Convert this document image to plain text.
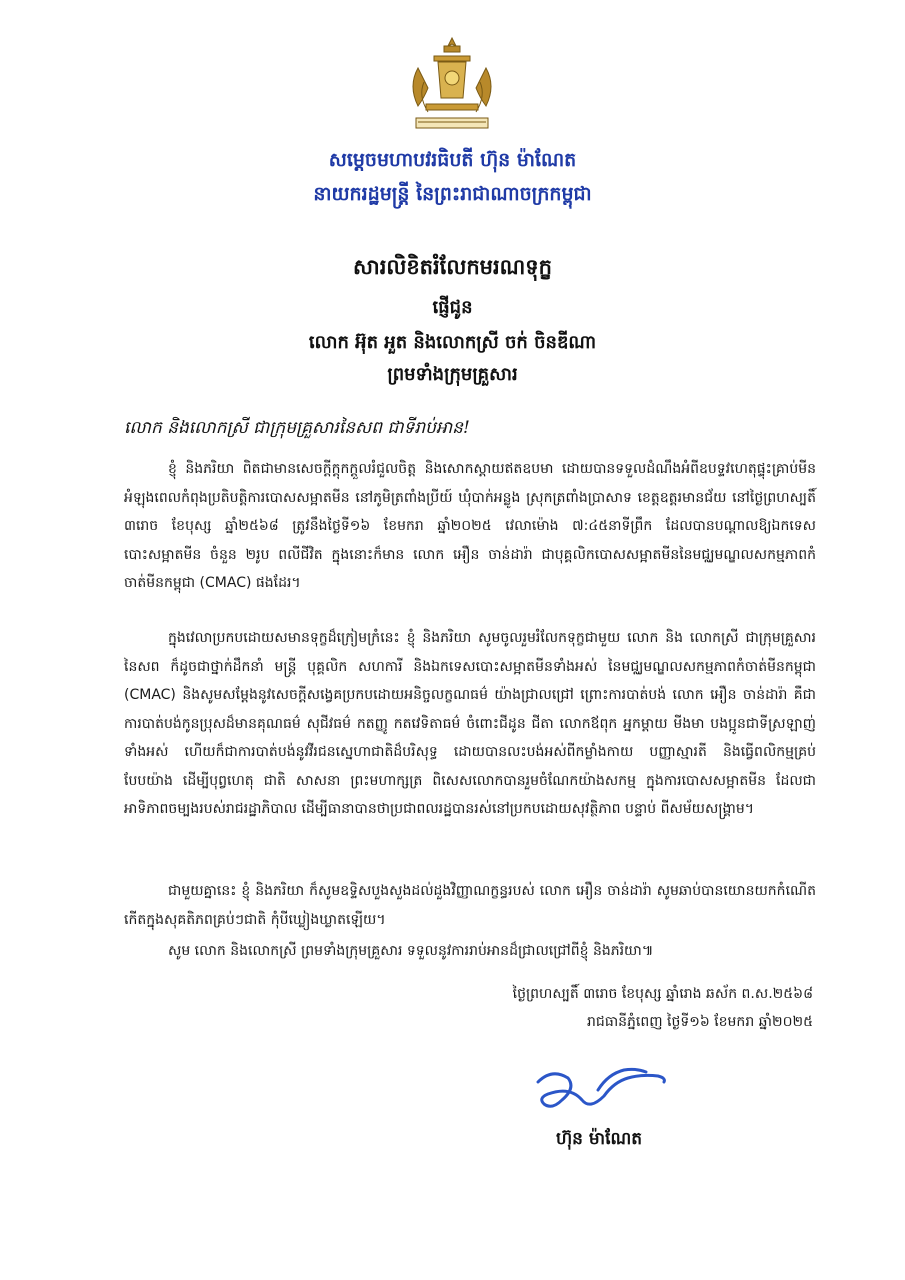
សម្តេចមហាបវរធិបតី ហ៊ុន ម៉ាណែត
នាយករដ្ឋមន្ត្រី នៃព្រះរាជាណាចក្រកម្ពុជា
សារលិខិតរំលែកមរណទុក្ខ
ផ្ញើជូន
លោក អ៊ុត អួត និងលោកស្រី ចក់ ចិនឌីណា
ព្រមទាំងក្រុមគ្រួសារ
លោក និងលោកស្រី ជាក្រុមគ្រួសារនៃសព ជាទីរាប់អាន!
ខ្ញុំ និងភរិយា ពិតជាមានសេចក្តីក្តុកក្តួលរំជួលចិត្ត និងសោកស្តាយឥតឧបមា ដោយបានទទួលដំណឹងអំពីឧបទ្ទវហេតុផ្ទុះគ្រាប់មីនអំឡុងពេលកំពុងប្រតិបត្តិការបោសសម្អាតមីន នៅភូមិត្រពាំងប្រីយ៍ ឃុំបាក់អន្លូង ស្រុកត្រពាំងប្រាសាទ ខេត្តឧត្តរមានជ័យ នៅថ្ងៃព្រហស្បតិ៍ ៣រោច ខែបុស្ស ឆ្នាំ២៥៦៨ ត្រូវនឹងថ្ងៃទី១៦ ខែមករា ឆ្នាំ២០២៥ វេលាម៉ោង ៧:៤៥នាទីព្រឹក ដែលបានបណ្តាលឱ្យឯកទេសបោះសម្អាតមីន ចំនួន ២រូប ពលីជីវិត ក្នុងនោះក៏មាន លោក អឿន ចាន់ដារ៉ា ជាបុគ្គលិកបោសសម្អាតមីននៃមជ្ឈមណ្ឌលសកម្មភាពកំចាត់មីនកម្ពុជា (CMAC) ផងដែរ។
ក្នុងវេលាប្រកបដោយសមានទុក្ខដ៏ក្រៀមក្រំនេះ ខ្ញុំ និងភរិយា សូមចូលរួមរំលែកទុក្ខជាមួយ លោក និង លោកស្រី ជាក្រុមគ្រួសារនៃសព ក៏ដូចជាថ្នាក់ដឹកនាំ មន្ត្រី បុគ្គលិក សហការី និងឯកទេសបោះសម្អាតមីនទាំងអស់ នៃមជ្ឈមណ្ឌលសកម្មភាពកំចាត់មីនកម្ពុជា (CMAC) និងសូមសម្តែងនូវសេចក្តីសង្វេគប្រកបដោយអនិច្ចលក្ខណធម៌ យ៉ាងជ្រាលជ្រៅ ព្រោះការបាត់បង់ លោក អឿន ចាន់ដារ៉ា គឺជាការបាត់បង់កូនប្រុសដ៏មានគុណធម៌ សុជីវធម៌ កតញ្ញូ កតវេទិតាធម៌ ចំពោះជីដូន ជីតា លោកឪពុក អ្នកម្តាយ មីងមា បងប្អូនជាទីស្រឡាញ់ទាំងអស់ ហើយក៏ជាការបាត់បង់នូវវីរជនស្នេហាជាតិដ៏បរិសុទ្ធ ដោយបានលះបង់អស់ពីកម្លាំងកាយ បញ្ញាស្មារតី និងធ្វើពលិកម្មគ្រប់បែបយ៉ាង ដើម្បីបុព្វហេតុ ជាតិ សាសនា ព្រះមហាក្សត្រ ពិសេសលោកបានរួមចំណែកយ៉ាងសកម្ម ក្នុងការបោសសម្អាតមីន ដែលជាអាទិភាពចម្បងរបស់រាជរដ្ឋាភិបាល ដើម្បីធានាបានថាប្រជាពលរដ្ឋបានរស់នៅប្រកបដោយសុវត្ថិភាព បន្ទាប់ ពីសម័យសង្គ្រាម។
ជាមួយគ្នានេះ ខ្ញុំ និងភរិយា ក៏សូមឧទ្ទិសបួងសួងដល់ដួងវិញ្ញាណក្ខន្ធរបស់ លោក អឿន ចាន់ដារ៉ា សូមឆាប់បានយោនយកកំណើតកើតក្នុងសុគតិភពគ្រប់ៗជាតិ កុំបីឃ្លៀងឃ្លាតឡើយ។
សូម លោក និងលោកស្រី ព្រមទាំងក្រុមគ្រួសារ ទទួលនូវការរាប់អានដ៏ជ្រាលជ្រៅពីខ្ញុំ និងភរិយា៕
ថ្ងៃព្រហស្បតិ៍ ៣រោច ខែបុស្ស ឆ្នាំរោង ឆស័ក ព.ស.២៥៦៨
រាជធានីភ្នំពេញ ថ្ងៃទី១៦ ខែមករា ឆ្នាំ២០២៥
ហ៊ុន ម៉ាណែត
